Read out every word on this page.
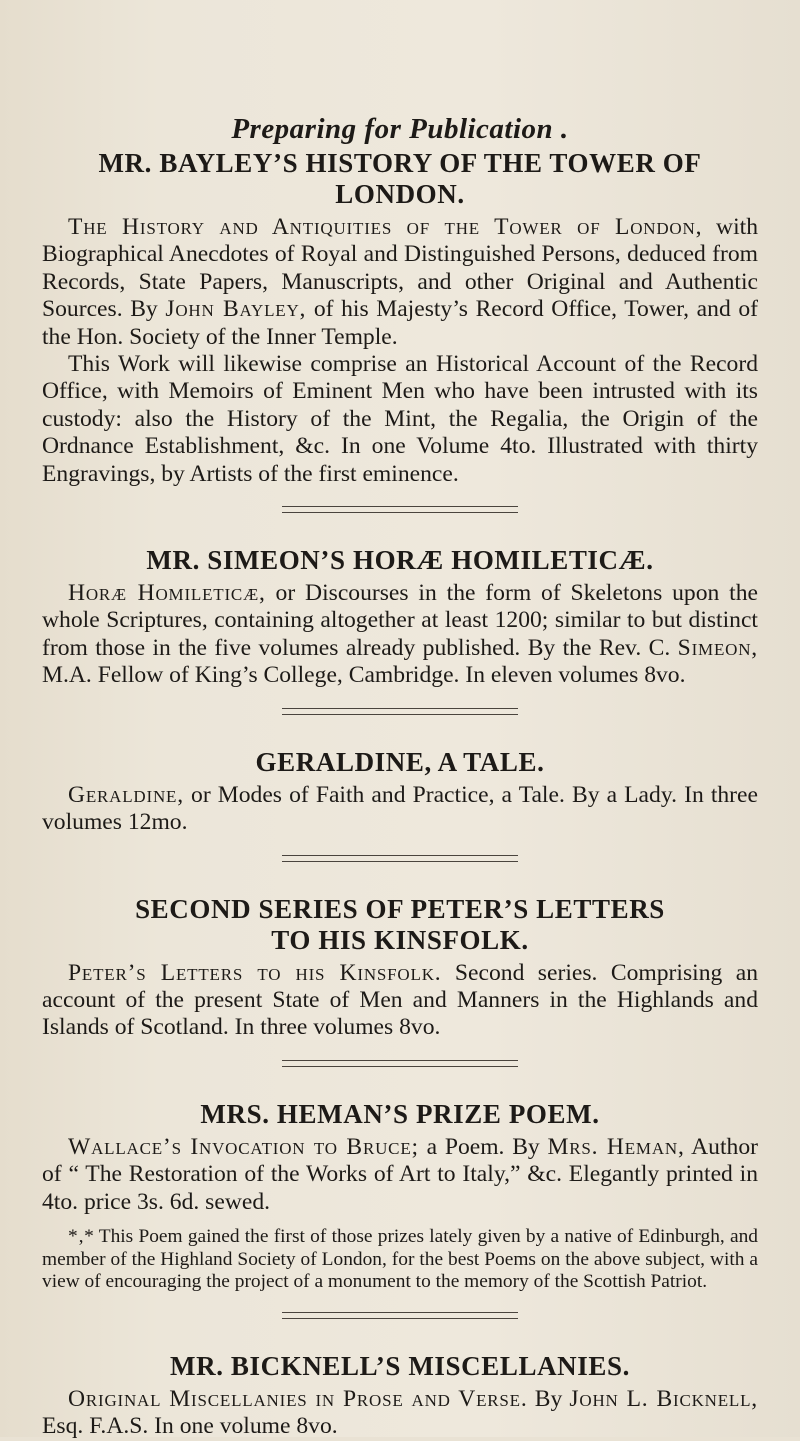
Preparing for Publication .
MR. BAYLEY’S HISTORY OF THE TOWER OF
LONDON.

The History and Antiquities of the Tower of London, with Biographical Anecdotes of Royal and Distinguished Persons, deduced from Records, State Papers, Manuscripts, and other Original and Authentic Sources. By John Bayley, of his Majesty’s Record Office, Tower, and of the Hon. Society of the Inner Temple.

This Work will likewise comprise an Historical Account of the Record Office, with Memoirs of Eminent Men who have been intrusted with its custody: also the History of the Mint, the Regalia, the Origin of the Ordnance Establishment, &c. In one Volume 4to. Illustrated with thirty Engravings, by Artists of the first eminence.

MR. SIMEON’S HORÆ HOMILETICÆ.

Horæ Homileticæ, or Discourses in the form of Skeletons upon the whole Scriptures, containing altogether at least 1200; similar to but distinct from those in the five volumes already published. By the Rev. C. Simeon, M.A. Fellow of King’s College, Cambridge. In eleven volumes 8vo.

GERALDINE, A TALE.

Geraldine, or Modes of Faith and Practice, a Tale. By a Lady. In three volumes 12mo.

SECOND SERIES OF PETER’S LETTERS
TO HIS KINSFOLK.

Peter’s Letters to his Kinsfolk. Second series. Comprising an account of the present State of Men and Manners in the Highlands and Islands of Scotland. In three volumes 8vo.

MRS. HEMAN’S PRIZE POEM.

Wallace’s Invocation to Bruce; a Poem. By Mrs. Heman, Author of “ The Restoration of the Works of Art to Italy,” &c. Elegantly printed in 4to. price 3s. 6d. sewed.

*‚* This Poem gained the first of those prizes lately given by a native of Edinburgh, and member of the Highland Society of London, for the best Poems on the above subject, with a view of encouraging the project of a monument to the memory of the Scottish Patriot.

MR. BICKNELL’S MISCELLANIES.

Original Miscellanies in Prose and Verse. By John L. Bicknell, Esq. F.A.S. In one volume 8vo.
